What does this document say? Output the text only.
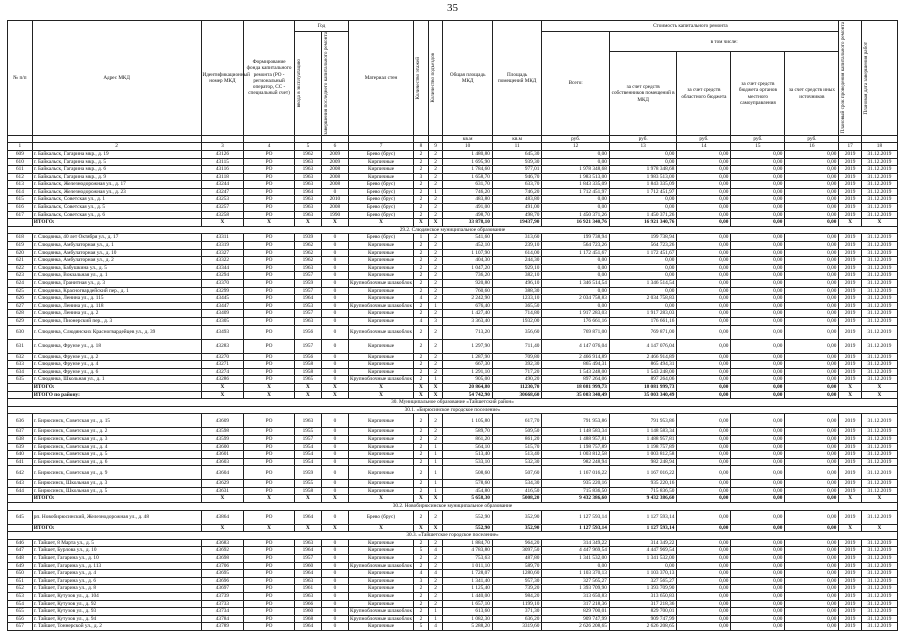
35
№ п/п	Адрес МКД	Идентификационный номер МКД	Формирование фонда капитального ремонта (РО - региональный оператор, СС - специальный счет)	Год		Материал стен	Количество этажей	Количество подъездов	Общая площадь МКД	Площадь помещений МКД	Стоимость капитального ремонта					Плановый срок проведения капитального ремонта	Плановая дата завершения работ

				ввода в эксплуатацию	завершения последнего капитального ремонта						Всего:	в том числе:					
												за счет средств собственников помещений в МКД	за счет средств областного бюджета	за счет средств бюджета органов местного самоуправления	за счет средств иных источников		
									кв.м	кв.м	руб.	руб.	руб.	руб.	руб.		
1	2	3	4	5	6	7	8	9	10	11	12	13	14	15	16	17	18
609	г. Байкальск, Гагарина мкр., д. 19	43126	РО	1962	2009	Брево (брус)	2	2	1 480,80	645,30	0,00	0,00	0,00	0,00	0,00	2019	31.12.2019
610	г. Байкальск, Гагарина мкр., д. 5	43115	РО	1963	2009	Кирпичные	2	2	1 695,90	939,30	0,00	0,00	0,00	0,00	0,00	2019	31.12.2019
611	г. Байкальск, Гагарина мкр., д. 6	43116	РО	1963	2008	Кирпичные	2	2	1 784,60	977,01	1 978 348,68	1 978 348,68	0,00	0,00	0,00	2019	31.12.2019
612	г. Байкальск, Гагарина мкр., д. 9	43118	РО	1963	2008	Кирпичные	3	2	1 658,70	946,70	1 983 513,00	1 983 513,00	0,00	0,00	0,00	2019	31.12.2019
613	г. Байкальск, Железнодорожная ул., д. 17	43244	РО	1963	2008	Брево (брус)	2	2	631,70	633,70	1 843 335,09	1 843 335,09	0,00	0,00	0,00	2019	31.12.2019
614	г. Байкальск, Железнодорожная ул., д. 23	43247	РО	1964	0	Брево (брус)	2	1	746,20	746,20	1 712 451,97	1 712 451,97	0,00	0,00	0,00	2019	31.12.2019
615	г. Байкальск, Советская ул., д. 1	43253	РО	1963	2010	Брево (брус)	2	2	483,80	483,80	0,00	0,00	0,00	0,00	0,00	2019	31.12.2019
616	г. Байкальск, Советская ул., д. 5	43257	РО	1963	2008	Брево (брус)	2	2	491,00	491,00	0,00	0,00	0,00	0,00	0,00	2019	31.12.2019
617	г. Байкальск, Советская ул., д. 6	43258	РО	1963	1990	Брево (брус)	2	2	498,70	498,70	1 450 371,26	1 450 371,26	0,00	0,00	0,00	2019	31.12.2019
	ИТОГО:	X	X	X	X	X	X	X	33 878,10	19437,90	16 921 340,76	16 921 340,76	0,00	0,00	0,00	X	X
29.2. Слюдянское муниципальное образование																	
618	г. Слюдянка, 40 лет Октября ул., д. 17	43311	РО	1939	0	Брево (брус)	1	2	541,60	313,60	199 738,94	199 738,94	0,00	0,00	0,00	2019	31.12.2019
619	г. Слюдянка, Амбулаторная ул., д. 1	43319	РО	1962	0	Кирпичные	2	2	452,10	239,10	564 723,26	564 723,26	0,00	0,00	0,00	2019	31.12.2019
620	г. Слюдянка, Амбулаторная ул., д. 10	43327	РО	1962	0	Кирпичные	2	2	1 107,90	614,00	1 172 451,67	1 172 451,67	0,00	0,00	0,00	2019	31.12.2019
621	г. Слюдянка, Амбулаторная ул., д. 2	43322	РО	1962	0	Кирпичные	2	2	404,30	244,30	0,00	0,00	0,00	0,00	0,00	2019	31.12.2019
622	г. Слюдянка, Бабушкина ул., д. 5	43344	РО	1963	0	Кирпичные	2	2	1 047,20	929,10	0,00	0,00	0,00	0,00	0,00	2019	31.12.2019
623	г. Слюдянка, Вокзальная ул., д. 1	43294	РО	1957	0	Кирпичные	2	2	736,20	382,10	0,00	0,00	0,00	0,00	0,00	2019	31.12.2019
624	г. Слюдянка, Гранитная ул., д. 3	43370	РО	1959	0	Крупноблочные шлакоблок	2	2	920,80	496,10	1 346 514,54	1 346 514,54	0,00	0,00	0,00	2019	31.12.2019
625	г. Слюдянка, Красногвардейский пер., д. 1	43299	РО	1957	0	Кирпичные	2	2	760,60	388,30	0,00	0,00	0,00	0,00	0,00	2019	31.12.2019
626	г. Слюдянка, Ленина ул., д. 115	43445	РО	1964	0	Кирпичные	4	2	2 242,90	1233,10	2 034 758,83	2 034 758,83	0,00	0,00	0,00	2019	31.12.2019
627	г. Слюдянка, Ленина ул., д. 118	43447	РО	1953	0	Крупноблочные шлакоблок	2	1	676,40	365,50	0,00	0,00	0,00	0,00	0,00	2019	31.12.2019
628	г. Слюдянка, Ленина ул., д. 2	43409	РО	1957	0	Кирпичные	2	2	1 427,40	714,80	1 917 283,03	1 917 283,03	0,00	0,00	0,00	2019	31.12.2019
629	г. Слюдянка, Пионерский пер., д. 3	43305	РО	1963	0	Кирпичные	4	3	3 363,40	1932,00	176 661,16	176 661,16	0,00	0,00	0,00	2019	31.12.2019
630	г. Слюдянка, Слюдянских Красногвардейцев ул., д. 39	43493	РО	1956	0	Крупноблочные шлакоблок	2	2	713,20	356,60	769 871,00	769 871,00	0,00	0,00	0,00	2019	31.12.2019
631	г. Слюдянка, Фрунзе ул., д. 18	43283	РО	1957	0	Кирпичные	2	2	1 297,90	711,40	4 147 076,04	4 147 076,04	0,00	0,00	0,00	2019	31.12.2019
632	г. Слюдянка, Фрунзе ул., д. 2	43270	РО	1956	0	Кирпичные	2	2	1 287,90	709,80	2 466 914,89	2 466 914,89	0,00	0,00	0,00	2019	31.12.2019
633	г. Слюдянка, Фрунзе ул., д. 4	43271	РО	1958	0	Кирпичные	2	2	667,30	392,30	865 494,31	865 494,31	0,00	0,00	0,00	2019	31.12.2019
634	г. Слюдянка, Фрунзе ул., д. 6	43274	РО	1958	0	Кирпичные	2	2	1 291,10	717,20	1 543 248,00	1 543 248,00	0,00	0,00	0,00	2019	31.12.2019
635	г. Слюдянка, Школьная ул., д. 1	43286	РО	1965	0	Крупноблочные шлакоблок	2	1	905,00	490,20	897 264,06	897 264,06	0,00	0,00	0,00	2019	31.12.2019
	ИТОГО:	X	X	X	X	X	X	X	20 864,80	11230,70	18 081 999,73	18 081 999,73	0,00	0,00	0,00	X	X
	ИТОГО по району:	X	X	X	X	X	X	X	54 742,90	30668,60	35 003 340,49	35 003 340,49	0,00	0,00	0,00	X	X
30. Муниципальное образование «Тайшетский район»																	
30.1. «Бирюсинское городское поселение»																	
636	г. Бирюсинск, Советская ул., д. 15	43609	РО	1963	0	Кирпичные	2	2	1 105,80	617,70	791 953,86	791 953,86	0,00	0,00	0,00	2019	31.12.2019
637	г. Бирюсинск, Советская ул., д. 2	43598	РО	1955	0	Кирпичные	2	2	589,70	509,50	1 148 583,34	1 148 583,34	0,00	0,00	0,00	2019	31.12.2019
638	г. Бирюсинск, Советская ул., д. 3	43599	РО	1957	0	Кирпичные	2	2	861,20	861,20	1 488 957,81	1 488 957,81	0,00	0,00	0,00	2019	31.12.2019
639	г. Бирюсинск, Советская ул., д. 4	43600	РО	1954	0	Кирпичные	2	1	564,10	515,70	1 198 757,89	1 198 757,89	0,00	0,00	0,00	2019	31.12.2019
640	г. Бирюсинск, Советская ул., д. 5	43601	РО	1954	0	Кирпичные	2	1	513,40	513,40	1 003 812,58	1 003 812,58	0,00	0,00	0,00	2019	31.12.2019
641	г. Бирюсинск, Советская ул., д. 6	43603	РО	1954	0	Кирпичные	2	1	533,10	532,30	982 248,94	982 248,94	0,00	0,00	0,00	2019	31.12.2019
642	г. Бирюсинск, Советская ул., д. 9	43604	РО	1959	0	Кирпичные	2	1	508,60	507,60	1 167 016,22	1 167 016,22	0,00	0,00	0,00	2019	31.12.2019
643	г. Бирюсинск, Школьная ул., д. 3	43629	РО	1955	0	Кирпичные	2	1	578,60	534,30	935 220,16	935 220,16	0,00	0,00	0,00	2019	31.12.2019
644	г. Бирюсинск, Школьная ул., д. 5	43631	РО	1958	0	Кирпичные	2	1	454,80	416,50	715 836,50	715 836,50	0,00	0,00	0,00	2019	31.12.2019
	ИТОГО:	X	X	X	X	X	X	X	5 658,30	5008,20	9 432 386,60	9 432 386,60	0,00	0,00	0,00	X	X
30.2. Новобирюсинское муниципальное образование																	
645	рп. Новобирюсинский, Железнодорожная ул., д. 48	43864	РО	1964	0	Брево (брус)	2	2	552,90	352,90	1 127 593,14	1 127 593,14	0,00	0,00	0,00	2019	31.12.2019
	ИТОГО:	X	X	X	X	X	X	X	552,90	352,90	1 127 593,14	1 127 593,14	0,00	0,00	0,00	X	X
30.3. «Тайшетское городское поселение»																	
646	г. Тайшет, 8 Марта ул., д. 5	43683	РО	1963	0	Кирпичные	2	2	1 884,70	964,20	314 349,22	314 349,22	0,00	0,00	0,00	2019	31.12.2019
647	г. Тайшет, Бурлова ул., д. 10	43692	РО	1964	0	Кирпичные	5	4	4 783,80	3097,50	4 447 969,54	4 447 969,54	0,00	0,00	0,00	2019	31.12.2019
648	г. Тайшет, Гагарина ул., д. 10	43698	РО	1957	0	Кирпичные	2	2	753,63	487,80	1 341 532,00	1 341 532,00	0,00	0,00	0,00	2019	31.12.2019
649	г. Тайшет, Гагарина ул., д. 113	43706	РО	1960	0	Крупноблочные шлакоблок	2	2	1 011,10	589,70	0,00	0,00	0,00	0,00	0,00	2019	31.12.2019
650	г. Тайшет, Гагарина ул., д. 4	43695	РО	1964	0	Кирпичные	4	4	1 728,07	1280,60	1 103 370,13	1 103 370,13	0,00	0,00	0,00	2019	31.12.2019
651	г. Тайшет, Гагарина ул., д. 6	43696	РО	1963	0	Кирпичные	3	2	1 341,40	957,30	327 565,27	327 565,27	0,00	0,00	0,00	2019	31.12.2019
652	г. Тайшет, Гагарина ул., д. 8	43697	РО	1961	0	Кирпичные	2	2	1 125,40	739,20	1 393 709,90	1 393 709,90	0,00	0,00	0,00	2019	31.12.2019
653	г. Тайшет, Кутузов ул., д. 104	43739	РО	1963	0	Кирпичные	2	2	1 440,00	984,20	313 650,83	313 650,83	0,00	0,00	0,00	2019	31.12.2019
654	г. Тайшет, Кутузов ул., д. 92	43733	РО	1966	0	Кирпичные	2	2	1 657,10	1199,10	317 218,36	317 218,36	0,00	0,00	0,00	2019	31.12.2019
655	г. Тайшет, Кутузов ул., д. 93	43734	РО	1960	0	Крупноблочные шлакоблок	2	1	613,60	371,30	829 700,01	829 700,01	0,00	0,00	0,00	2019	31.12.2019
656	г. Тайшет, Кутузов ул., д. 94	43784	РО	1968	0	Крупноблочные шлакоблок	2	1	1 082,30	636,20	909 747,99	909 747,99	0,00	0,00	0,00	2019	31.12.2019
657	г. Тайшет, Тоннерской ул., д. 2	43789	РО	1964	0	Кирпичные	5	4	5 288,20	3319,60	2 626 208,65	2 626 208,65	0,00	0,00	0,00	2019	31.12.2019
